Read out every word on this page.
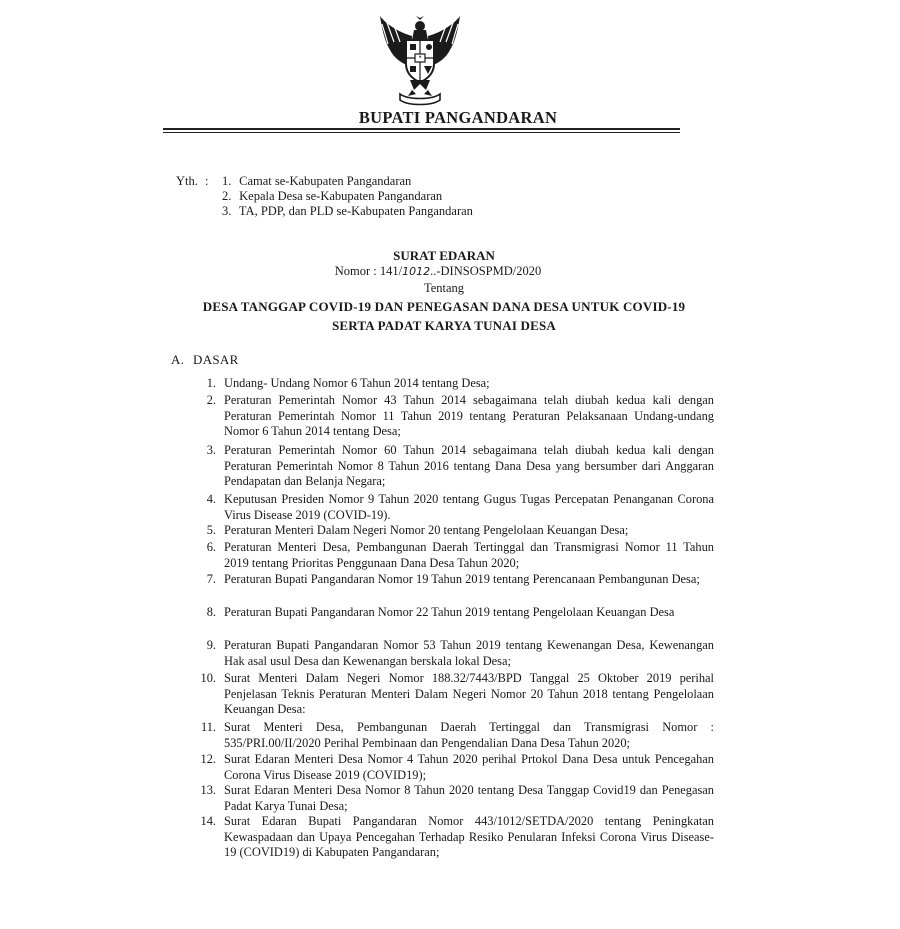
BUPATI PANGANDARAN
Yth. : 1. Camat se-Kabupaten Pangandaran
2. Kepala Desa se-Kabupaten Pangandaran
3. TA, PDP, dan PLD se-Kabupaten Pangandaran
SURAT EDARAN
Nomor : 141/1012..-DINSOSPMD/2020
Tentang
DESA TANGGAP COVID-19 DAN PENEGASAN DANA DESA UNTUK COVID-19
SERTA PADAT KARYA TUNAI DESA
A. DASAR
1. Undang- Undang Nomor 6 Tahun 2014 tentang Desa;
2. Peraturan Pemerintah Nomor 43 Tahun 2014 sebagaimana telah diubah kedua kali dengan Peraturan Pemerintah Nomor 11 Tahun 2019 tentang Peraturan Pelaksanaan Undang-undang Nomor 6 Tahun 2014 tentang Desa;
3. Peraturan Pemerintah Nomor 60 Tahun 2014 sebagaimana telah diubah kedua kali dengan Peraturan Pemerintah Nomor 8 Tahun 2016 tentang Dana Desa yang bersumber dari Anggaran Pendapatan dan Belanja Negara;
4. Keputusan Presiden Nomor 9 Tahun 2020 tentang Gugus Tugas Percepatan Penanganan Corona Virus Disease 2019 (COVID-19).
5. Peraturan Menteri Dalam Negeri Nomor 20 tentang Pengelolaan Keuangan Desa;
6. Peraturan Menteri Desa, Pembangunan Daerah Tertinggal dan Transmigrasi Nomor 11 Tahun 2019 tentang Prioritas Penggunaan Dana Desa Tahun 2020;
7. Peraturan Bupati Pangandaran Nomor 19 Tahun 2019 tentang Perencanaan Pembangunan Desa;
8. Peraturan Bupati Pangandaran Nomor 22 Tahun 2019 tentang Pengelolaan Keuangan Desa
9. Peraturan Bupati Pangandaran Nomor 53 Tahun 2019 tentang Kewenangan Desa, Kewenangan Hak asal usul Desa dan Kewenangan berskala lokal Desa;
10. Surat Menteri Dalam Negeri Nomor 188.32/7443/BPD Tanggal 25 Oktober 2019 perihal Penjelasan Teknis Peraturan Menteri Dalam Negeri Nomor 20 Tahun 2018 tentang Pengelolaan Keuangan Desa:
11. Surat Menteri Desa, Pembangunan Daerah Tertinggal dan Transmigrasi Nomor : 535/PRI.00/II/2020 Perihal Pembinaan dan Pengendalian Dana Desa Tahun 2020;
12. Surat Edaran Menteri Desa Nomor 4 Tahun 2020 perihal Prtokol Dana Desa untuk Pencegahan Corona Virus Disease 2019 (COVID19);
13. Surat Edaran Menteri Desa Nomor 8 Tahun 2020 tentang Desa Tanggap Covid19 dan Penegasan Padat Karya Tunai Desa;
14. Surat Edaran Bupati Pangandaran Nomor 443/1012/SETDA/2020 tentang Peningkatan Kewaspadaan dan Upaya Pencegahan Terhadap Resiko Penularan Infeksi Corona Virus Disease-19 (COVID19) di Kabupaten Pangandaran;
